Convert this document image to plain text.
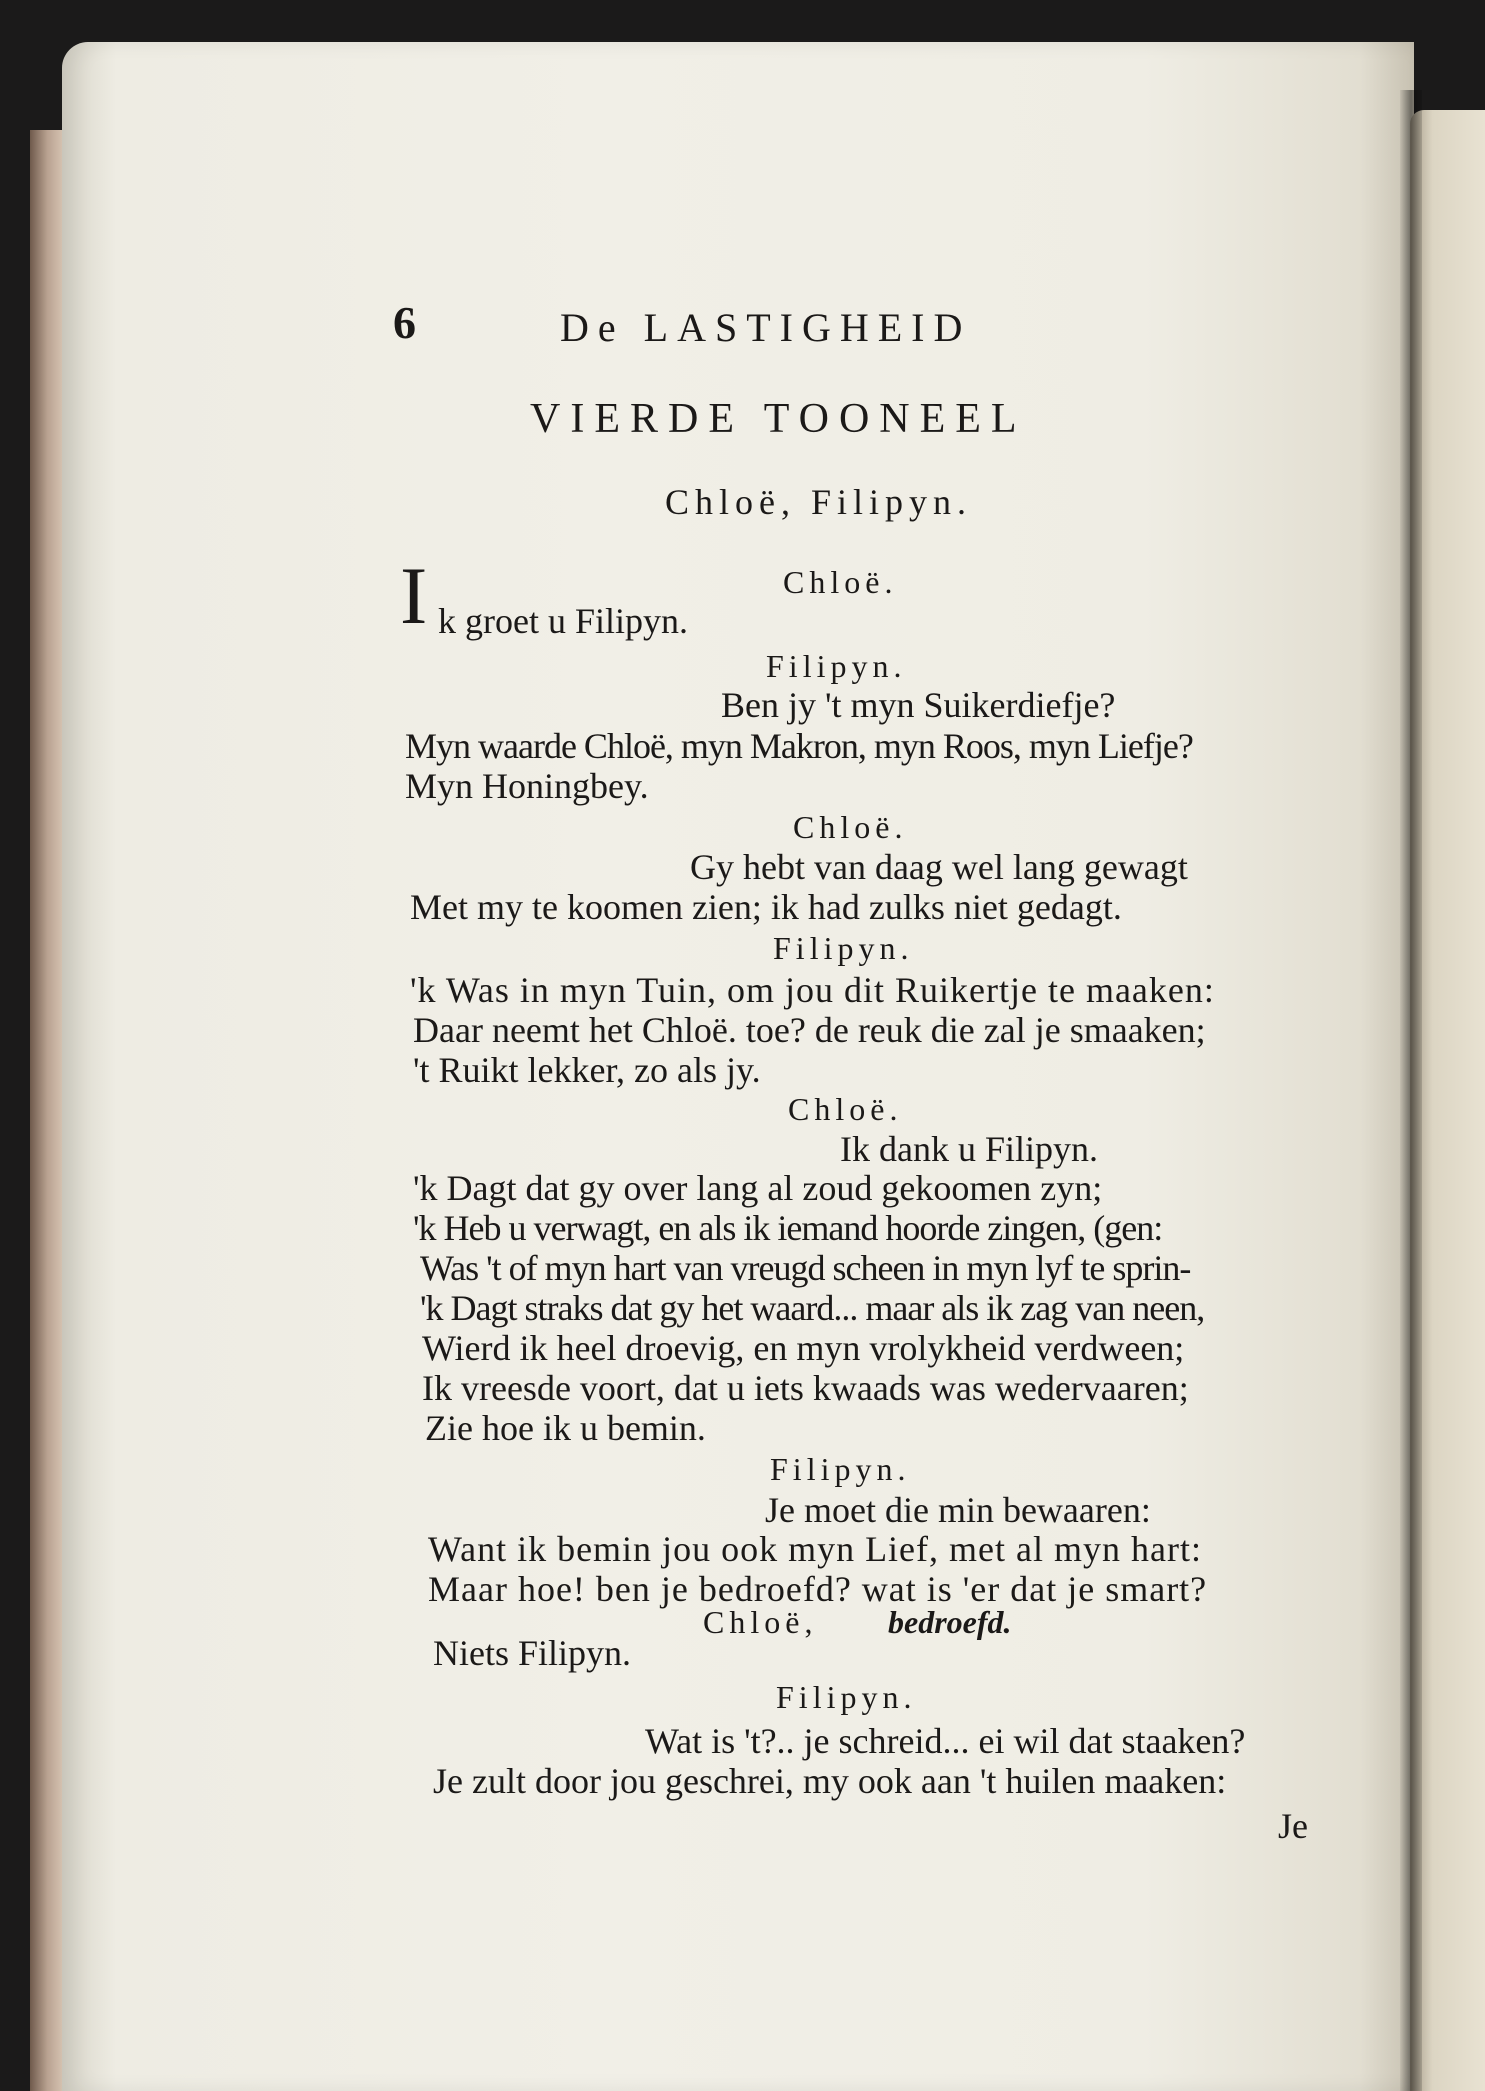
6	De LASTIGHEID
VIERDE TOONEEL
Chloë, Filipyn.
Chloë.
I k groet u Filipyn.
Filipyn.
Ben jy 't myn Suikerdiefje?
Myn waarde Chloë, myn Makron, myn Roos, myn Liefje?
Myn Honingbey.
Chloë.
Gy hebt van daag wel lang gewagt
Met my te koomen zien; ik had zulks niet gedagt.
Filipyn.
'k Was in myn Tuin, om jou dit Ruikertje te maaken:
Daar neemt het Chloë. toe? de reuk die zal je smaaken;
't Ruikt lekker, zo als jy.
Chloë.
Ik dank u Filipyn.
'k Dagt dat gy over lang al zoud gekoomen zyn;
'k Heb u verwagt, en als ik iemand hoorde zingen, (gen:
Was 't of myn hart van vreugd scheen in myn lyf te sprin-
'k Dagt straks dat gy het waard... maar als ik zag van neen,
Wierd ik heel droevig, en myn vrolykheid verdween;
Ik vreesde voort, dat u iets kwaads was wedervaaren;
Zie hoe ik u bemin.
Filipyn.
Je moet die min bewaaren:
Want ik bemin jou ook myn Lief, met al myn hart:
Maar hoe! ben je bedroefd? wat is 'er dat je smart?
Chloë, bedroefd.
Niets Filipyn.
Filipyn.
Wat is 't?.. je schreid... ei wil dat staaken?
Je zult door jou geschrei, my ook aan 't huilen maaken:
Je
